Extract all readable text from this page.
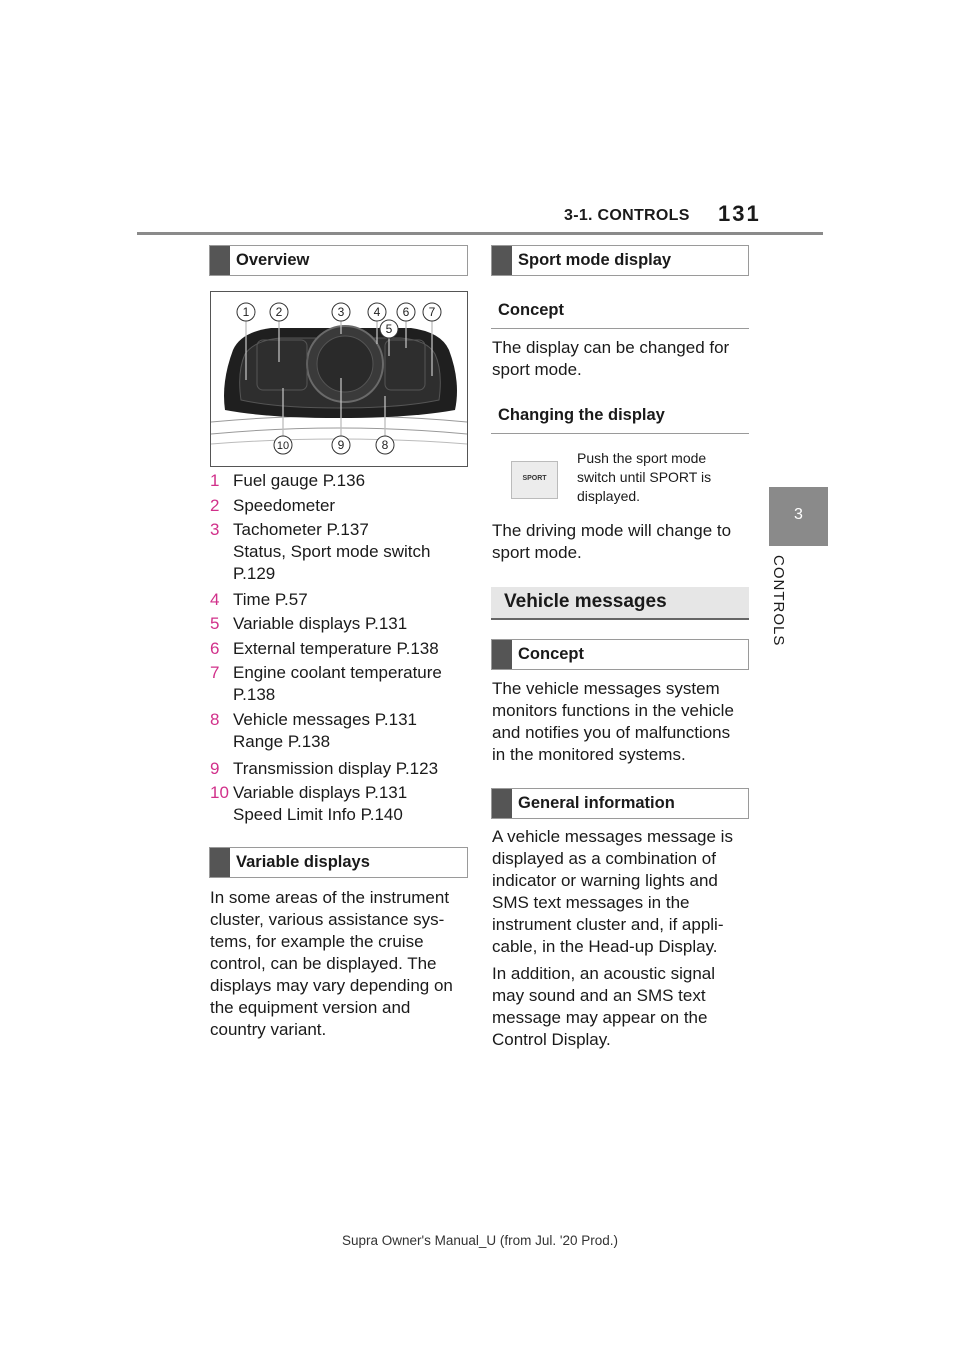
3-1. CONTROLS 131
3
CONTROLS
Overview
1 2	3 4
5
6 7
10	9	8
1 Fuel gauge P.136
2 Speedometer
3 Tachometer P.137
Status, Sport mode switch
P.129
4 Time P.57
5 Variable displays P.131
6 External temperature P.138
7 Engine coolant temperature
P.138
8 Vehicle messages P.131
Range P.138
9 Transmission display P.123
10 Variable displays P.131
Speed Limit Info P.140
Variable displays
In some areas of the instrument
cluster, various assistance sys-
tems, for example the cruise
control, can be displayed. The
displays may vary depending on
the equipment version and
country variant.
Sport mode display
Concept
The display can be changed for
sport mode.
Changing the display
SPORT
Push the sport mode
switch until SPORT is
displayed.
The driving mode will change to
sport mode.
Vehicle messages
Concept
The vehicle messages system
monitors functions in the vehicle
and notifies you of malfunctions
in the monitored systems.
General information
A vehicle messages message is
displayed as a combination of
indicator or warning lights and
SMS text messages in the
instrument cluster and, if appli-
cable, in the Head-up Display.
In addition, an acoustic signal
may sound and an SMS text
message may appear on the
Control Display.
Supra Owner's Manual_U (from Jul. '20 Prod.)
